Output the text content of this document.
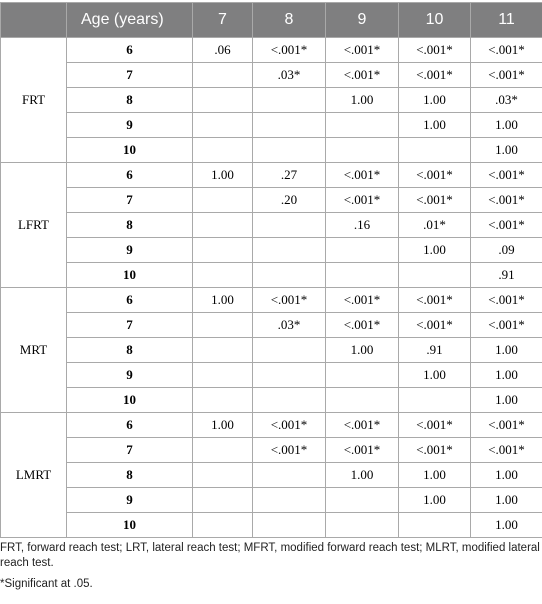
	Age (years)	7	8	9	10	11
FRT	6	.06	<.001*	<.001*	<.001*	<.001*
	7		.03*	<.001*	<.001*	<.001*
	8			1.00	1.00	.03*
	9				1.00	1.00
	10					1.00
LFRT	6	1.00	.27	<.001*	<.001*	<.001*
	7		.20	<.001*	<.001*	<.001*
	8			.16	.01*	<.001*
	9				1.00	.09
	10					.91
MRT	6	1.00	<.001*	<.001*	<.001*	<.001*
	7		.03*	<.001*	<.001*	<.001*
	8			1.00	.91	1.00
	9				1.00	1.00
	10					1.00
LMRT	6	1.00	<.001*	<.001*	<.001*	<.001*
	7		<.001*	<.001*	<.001*	<.001*
	8			1.00	1.00	1.00
	9				1.00	1.00
	10					1.00

FRT, forward reach test; LRT, lateral reach test; MFRT, modified forward reach test; MLRT, modified lateral reach test.

*Significant at .05.
